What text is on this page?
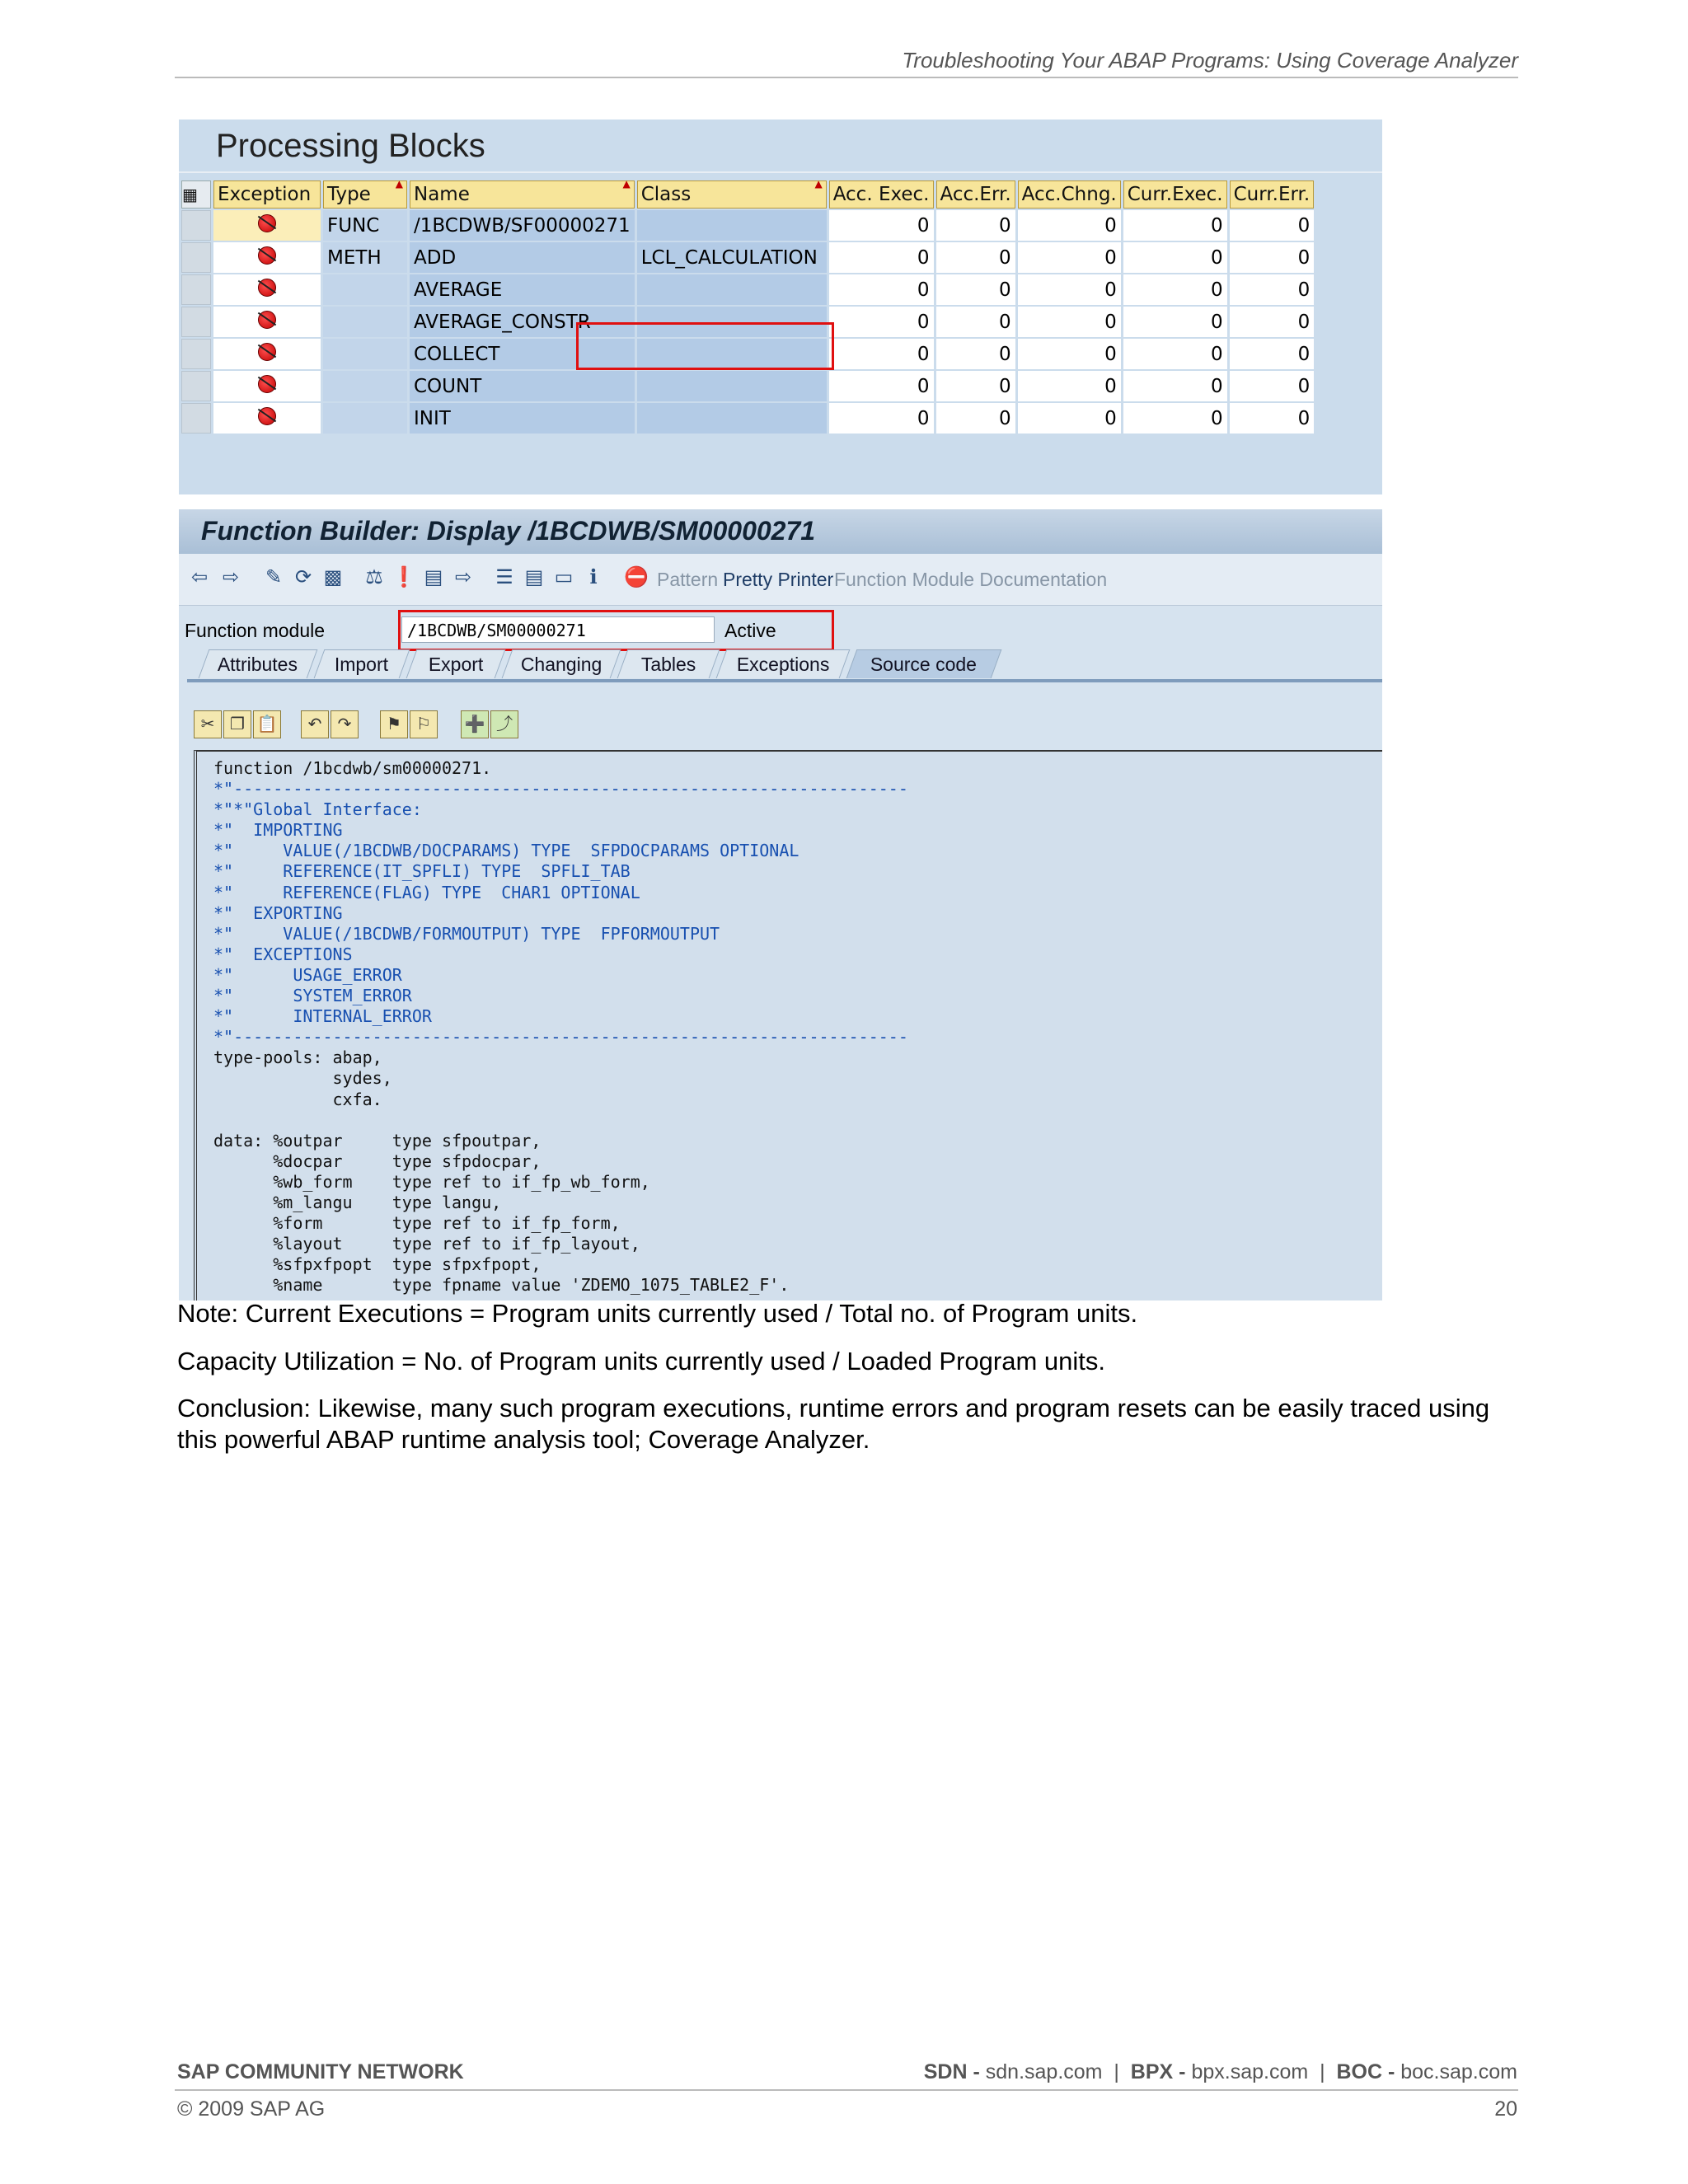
Troubleshooting Your ABAP Programs: Using Coverage Analyzer
Processing Blocks
▦	Exception	Type ▲	Name ▲	Class ▲	Acc. Exec.	Acc.Err.	Acc.Chng.	Curr.Exec.	Curr.Err.
		FUNC	/1BCDWB/SF00000271		0	0	0	0	0
		METH	ADD	LCL_CALCULATION	0	0	0	0	0
			AVERAGE		0	0	0	0	0
			AVERAGE_CONSTR		0	0	0	0	0
			COLLECT		0	0	0	0	0
			COUNT		0	0	0	0	0
			INIT		0	0	0	0	0
Function Builder: Display /1BCDWB/SM00000271
⇦ ⇨ ✎ ⟳ ▩ ⚖ ❗ ▤ ⇨ ☰ ▤ ▭ ℹ	⛔ Pattern Pretty Printer Function Module Documentation
Function module	/1BCDWB/SM00000271	Active
Attributes	Import	Export	Changing	Tables	Exceptions	Source code
✂ ❐ 📋	↶ ↷	⚑ ⚐	➕ ⤴
function /1bcdwb/sm00000271.
*"--------------------------------------------------------------------
*"*"Global Interface:
*"  IMPORTING
*"     VALUE(/1BCDWB/DOCPARAMS) TYPE  SFPDOCPARAMS OPTIONAL
*"     REFERENCE(IT_SPFLI) TYPE  SPFLI_TAB
*"     REFERENCE(FLAG) TYPE  CHAR1 OPTIONAL
*"  EXPORTING
*"     VALUE(/1BCDWB/FORMOUTPUT) TYPE  FPFORMOUTPUT
*"  EXCEPTIONS
*"      USAGE_ERROR
*"      SYSTEM_ERROR
*"      INTERNAL_ERROR
*"--------------------------------------------------------------------
type-pools: abap,
sydes,
cxfa.
data: %outpar     type sfpoutpar,
%docpar     type sfpdocpar,
%wb_form    type ref to if_fp_wb_form,
%m_langu    type langu,
%form       type ref to if_fp_form,
%layout     type ref to if_fp_layout,
%sfpxfpopt  type sfpxfpopt,
%name       type fpname value 'ZDEMO_1075_TABLE2_F'.
Note: Current Executions = Program units currently used / Total no. of Program units.
Capacity Utilization = No. of Program units currently used / Loaded Program units.
Conclusion: Likewise, many such program executions, runtime errors and program resets can be easily traced using this powerful ABAP runtime analysis tool; Coverage Analyzer.
SAP COMMUNITY NETWORK	SDN - sdn.sap.com  |  BPX - bpx.sap.com  |  BOC - boc.sap.com
© 2009 SAP AG	20
